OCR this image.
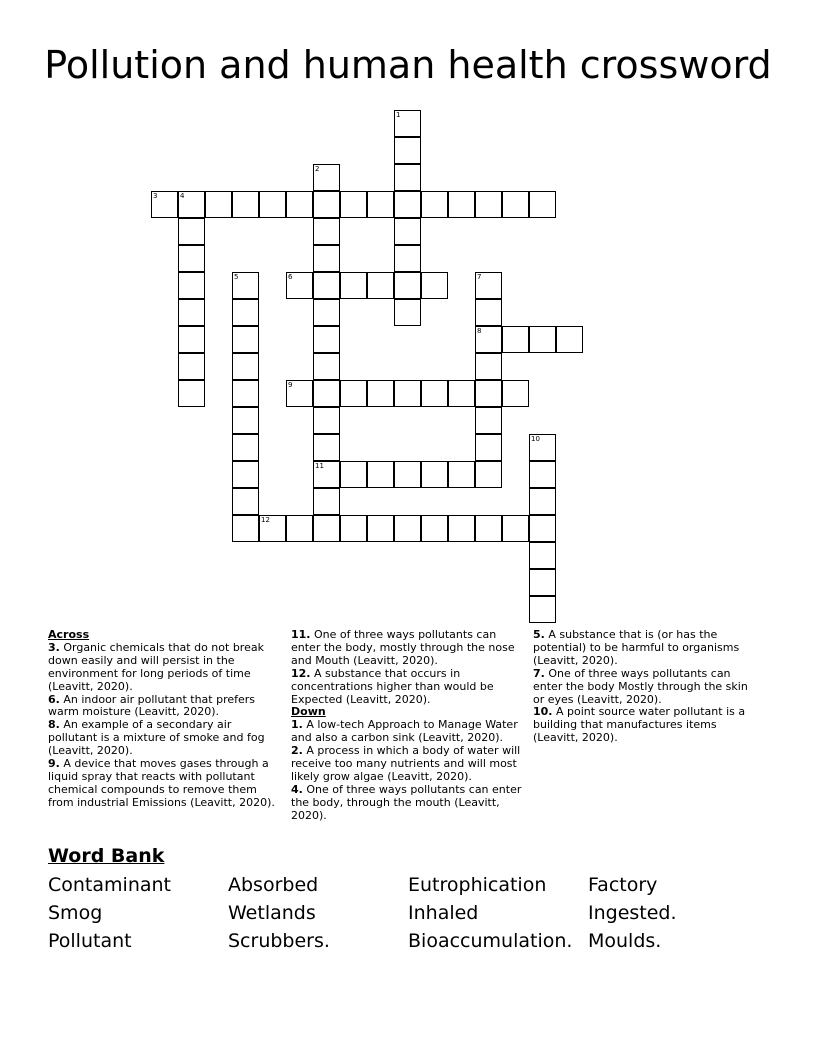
Pollution and human health crossword
1
2
11
3	4
5	6	7
8
9
10
12

Across

3. Organic chemicals that do not break down easily and will persist in the environment for long periods of time (Leavitt, 2020).

6. An indoor air pollutant that prefers warm moisture (Leavitt, 2020).

8. An example of a secondary air pollutant is a mixture of smoke and fog (Leavitt, 2020).

9. A device that moves gases through a liquid spray that reacts with pollutant chemical compounds to remove them from industrial Emissions (Leavitt, 2020).

11. One of three ways pollutants can enter the body, mostly through the nose and Mouth (Leavitt, 2020).

12. A substance that occurs in concentrations higher than would be Expected (Leavitt, 2020).

Down

1. A low-tech Approach to Manage Water and also a carbon sink (Leavitt, 2020).

2. A process in which a body of water will receive too many nutrients and will most likely grow algae (Leavitt, 2020).

4. One of three ways pollutants can enter the body, through the mouth (Leavitt, 2020).

5. A substance that is (or has the potential) to be harmful to organisms (Leavitt, 2020).

7. One of three ways pollutants can enter the body Mostly through the skin or eyes (Leavitt, 2020).

10. A point source water pollutant is a building that manufactures items (Leavitt, 2020).

Word Bank
Contaminant	Absorbed	Eutrophication Factory
Smog	Wetlands	Inhaled	Ingested.
Pollutant	Scrubbers.	Bioaccumulation. Moulds.
